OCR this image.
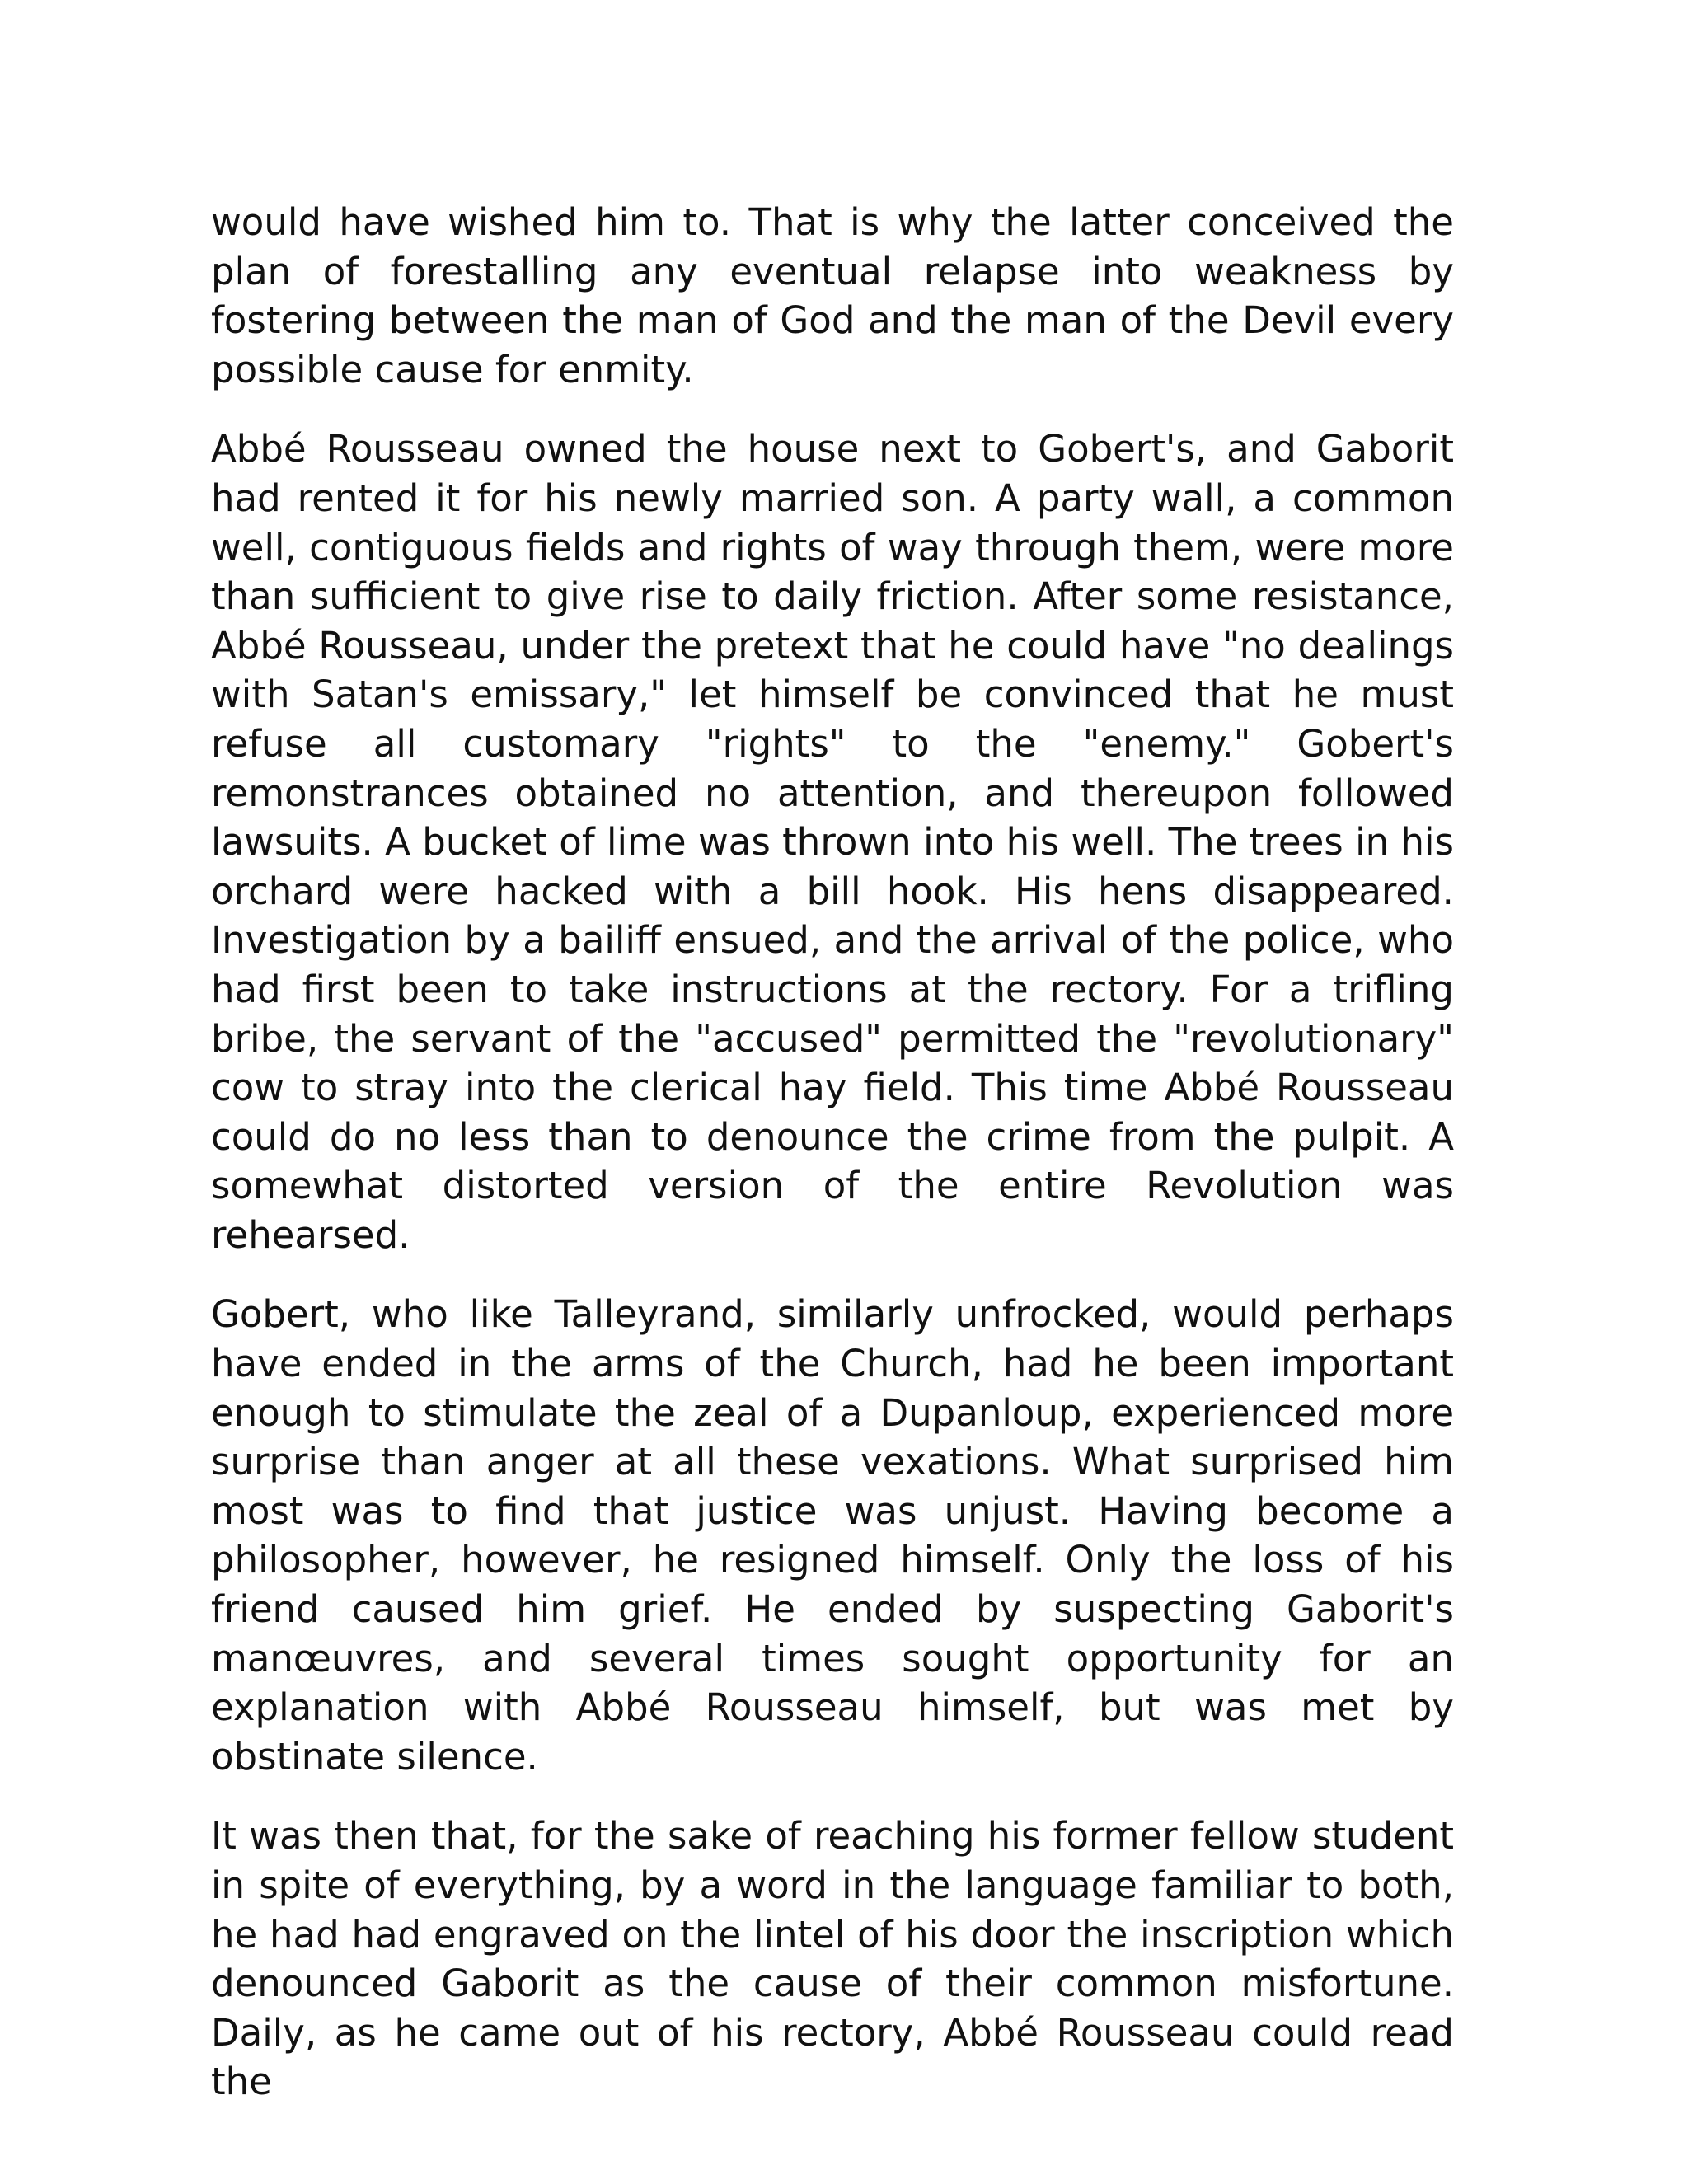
would have wished him to. That is why the latter conceived the plan of forestalling any eventual relapse into weakness by fostering between the man of God and the man of the Devil every possible cause for enmity.

Abbé Rousseau owned the house next to Gobert's, and Gaborit had rented it for his newly married son. A party wall, a common well, contiguous fields and rights of way through them, were more than sufficient to give rise to daily friction. After some resistance, Abbé Rousseau, under the pretext that he could have "no dealings with Satan's emissary," let himself be convinced that he must refuse all customary "rights" to the "enemy." Gobert's remonstrances obtained no attention, and thereupon followed lawsuits. A bucket of lime was thrown into his well. The trees in his orchard were hacked with a bill hook. His hens disappeared. Investigation by a bailiff ensued, and the arrival of the police, who had first been to take instructions at the rectory. For a trifling bribe, the servant of the "accused" permitted the "revolutionary" cow to stray into the clerical hay field. This time Abbé Rousseau could do no less than to denounce the crime from the pulpit. A somewhat distorted version of the entire Revolution was rehearsed.

Gobert, who like Talleyrand, similarly unfrocked, would perhaps have ended in the arms of the Church, had he been important enough to stimulate the zeal of a Dupanloup, experienced more surprise than anger at all these vexations. What surprised him most was to find that justice was unjust. Having become a philosopher, however, he resigned himself. Only the loss of his friend caused him grief. He ended by suspecting Gaborit's manœuvres, and several times sought opportunity for an explanation with Abbé Rousseau himself, but was met by obstinate silence.

It was then that, for the sake of reaching his former fellow student in spite of everything, by a word in the language familiar to both, he had had engraved on the lintel of his door the inscription which denounced Gaborit as the cause of their common misfortune. Daily, as he came out of his rectory, Abbé Rousseau could read the
